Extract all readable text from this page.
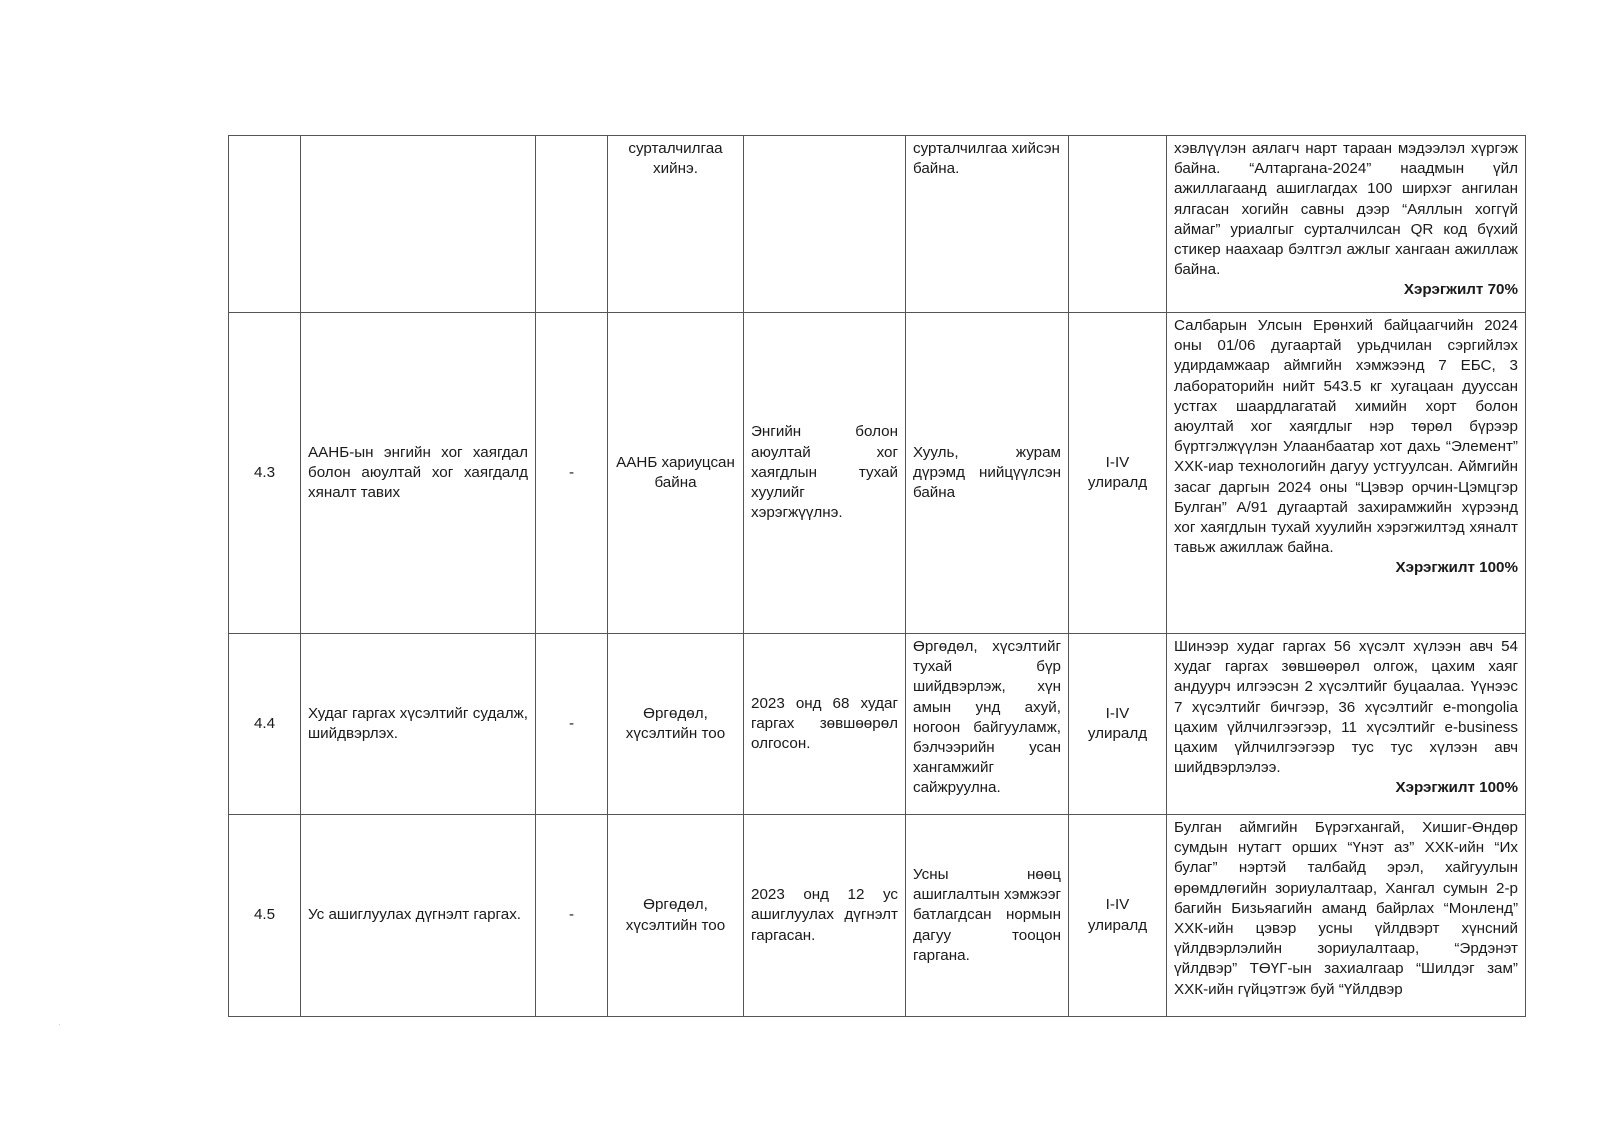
·
			сурталчилгаа хийнэ.		сурталчилгаа хийсэн байна.		хэвлүүлэн аялагч нарт тараан мэдээлэл хүргэж байна. “Алтаргана-2024” наадмын үйл ажиллагаанд ашиглагдах 100 ширхэг ангилан ялгасан хогийн савны дээр “Аяллын хоггүй аймаг” уриалгыг сурталчилсан QR код бүхий стикер наахаар бэлтгэл ажлыг хангаан ажиллаж байна.
Хэрэгжилт 70%

4.3	ААНБ-ын энгийн хог хаягдал болон аюултай хог хаягдалд хяналт тавих	-	ААНБ хариуцсан байна	Энгийн болон аюултай хог хаягдлын тухай хуулийг хэрэгжүүлнэ.	Хууль, журам дүрэмд нийцүүлсэн байна	I-IV улиралд	Салбарын Улсын Ерөнхий байцаагчийн 2024 оны 01/06 дугаартай урьдчилан сэргийлэх удирдамжаар аймгийн хэмжээнд 7 ЕБС, 3 лабораторийн нийт 543.5 кг хугацаан дууссан устгах шаардлагатай химийн хорт болон аюултай хог хаягдлыг нэр төрөл бүрээр бүртгэлжүүлэн Улаанбаатар хот дахь “Элемент” ХХК-иар технологийн дагуу устгуулсан. Аймгийн засаг даргын 2024 оны “Цэвэр орчин-Цэмцгэр Булган” А/91 дугаартай захирамжийн хүрээнд хог хаягдлын тухай хуулийн хэрэгжилтэд хяналт тавьж ажиллаж байна.
Хэрэгжилт 100%

4.4	Худаг гаргах хүсэлтийг судалж, шийдвэрлэх.	-	Өргөдөл, хүсэлтийн тоо	2023 онд 68 худаг гаргах зөвшөөрөл олгосон.	Өргөдөл, хүсэлтийг тухай бүр шийдвэрлэж, хүн амын унд ахуй, ногоон байгууламж, бэлчээрийн усан хангамжийг сайжруулна.	I-IV улиралд	Шинээр худаг гаргах 56 хүсэлт хүлээн авч 54 худаг гаргах зөвшөөрөл олгож, цахим хаяг андуурч илгээсэн 2 хүсэлтийг буцаалаа. Үүнээс 7 хүсэлтийг бичгээр, 36 хүсэлтийг e-mongolia цахим үйлчилгээгээр, 11 хүсэлтийг e-business цахим үйлчилгээгээр тус тус хүлээн авч шийдвэрлэлээ.
Хэрэгжилт 100%

4.5	Ус ашиглуулах дүгнэлт гаргах.	-	Өргөдөл, хүсэлтийн тоо	2023 онд 12 ус ашиглуулах дүгнэлт гаргасан.	Усны нөөц ашиглалтын хэмжээг батлагдсан нормын дагуу тооцон гаргана.	I-IV улиралд	Булган аймгийн Бүрэгхангай, Хишиг-Өндөр сумдын нутагт орших “Үнэт аз” ХХК-ийн “Их булаг” нэртэй талбайд эрэл, хайгуулын өрөмдлөгийн зориулалтаар, Хангал сумын 2-р багийн Бизьяагийн аманд байрлах “Монленд” ХХК-ийн цэвэр усны үйлдвэрт хүнсний үйлдвэрлэлийн зориулалтаар, “Эрдэнэт үйлдвэр” ТӨҮГ-ын захиалгаар “Шилдэг зам” ХХК-ийн гүйцэтгэж буй “Үйлдвэр
